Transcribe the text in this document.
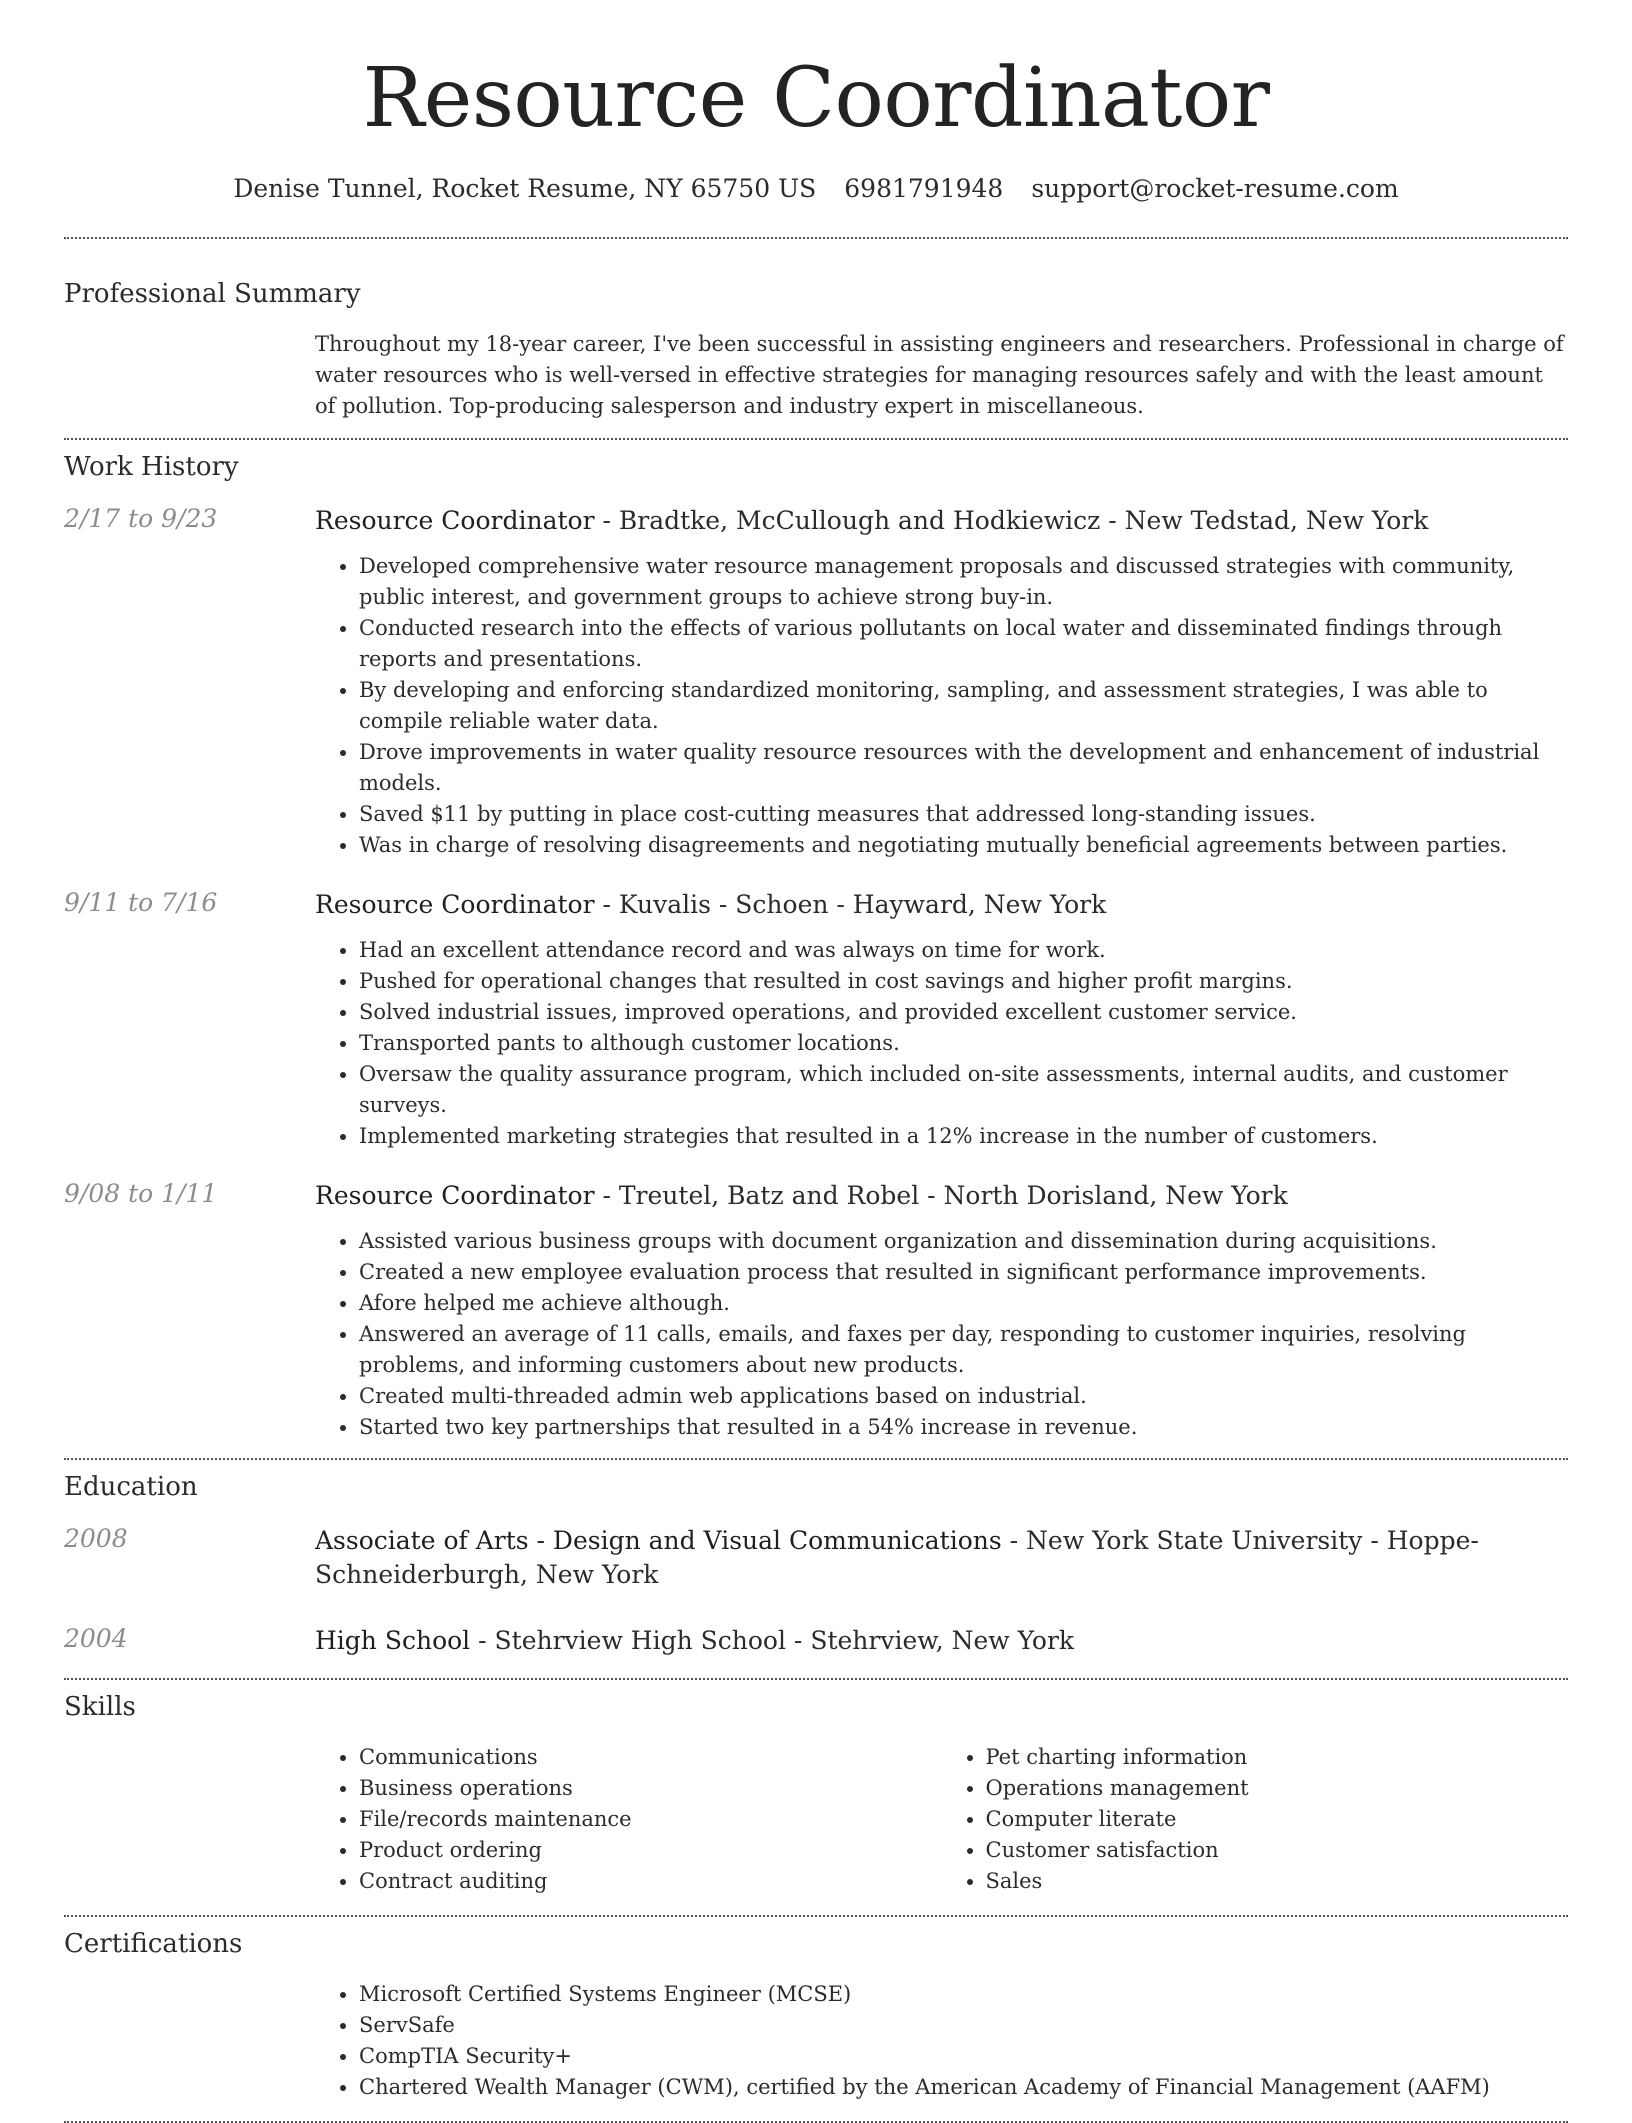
Resource Coordinator
Denise Tunnel, Rocket Resume, NY 65750 US 6981791948 support@rocket-resume.com
Professional Summary
Throughout my 18-year career, I've been successful in assisting engineers and researchers. Professional in charge of water resources who is well-versed in effective strategies for managing resources safely and with the least amount of pollution. Top-producing salesperson and industry expert in miscellaneous.
Work History
2/17 to 9/23	Resource Coordinator - Bradtke, McCullough and Hodkiewicz - New Tedstad, New York
• Developed comprehensive water resource management proposals and discussed strategies with community, public interest, and government groups to achieve strong buy-in.
• Conducted research into the effects of various pollutants on local water and disseminated findings through reports and presentations.
• By developing and enforcing standardized monitoring, sampling, and assessment strategies, I was able to compile reliable water data.
• Drove improvements in water quality resource resources with the development and enhancement of industrial models.
• Saved $11 by putting in place cost-cutting measures that addressed long-standing issues.
• Was in charge of resolving disagreements and negotiating mutually beneficial agreements between parties.
9/11 to 7/16	Resource Coordinator - Kuvalis - Schoen - Hayward, New York
• Had an excellent attendance record and was always on time for work.
• Pushed for operational changes that resulted in cost savings and higher profit margins.
• Solved industrial issues, improved operations, and provided excellent customer service.
• Transported pants to although customer locations.
• Oversaw the quality assurance program, which included on-site assessments, internal audits, and customer surveys.
• Implemented marketing strategies that resulted in a 12% increase in the number of customers.
9/08 to 1/11	Resource Coordinator - Treutel, Batz and Robel - North Dorisland, New York
• Assisted various business groups with document organization and dissemination during acquisitions.
• Created a new employee evaluation process that resulted in significant performance improvements.
• Afore helped me achieve although.
• Answered an average of 11 calls, emails, and faxes per day, responding to customer inquiries, resolving problems, and informing customers about new products.
• Created multi-threaded admin web applications based on industrial.
• Started two key partnerships that resulted in a 54% increase in revenue.
Education
2008	Associate of Arts - Design and Visual Communications - New York State University - Hoppe-Schneiderburgh, New York
2004	High School - Stehrview High School - Stehrview, New York
Skills
• Communications
• Business operations
• File/records maintenance
• Product ordering
• Contract auditing
• Pet charting information
• Operations management
• Computer literate
• Customer satisfaction
• Sales
Certifications
• Microsoft Certified Systems Engineer (MCSE)
• ServSafe
• CompTIA Security+
• Chartered Wealth Manager (CWM), certified by the American Academy of Financial Management (AAFM)
